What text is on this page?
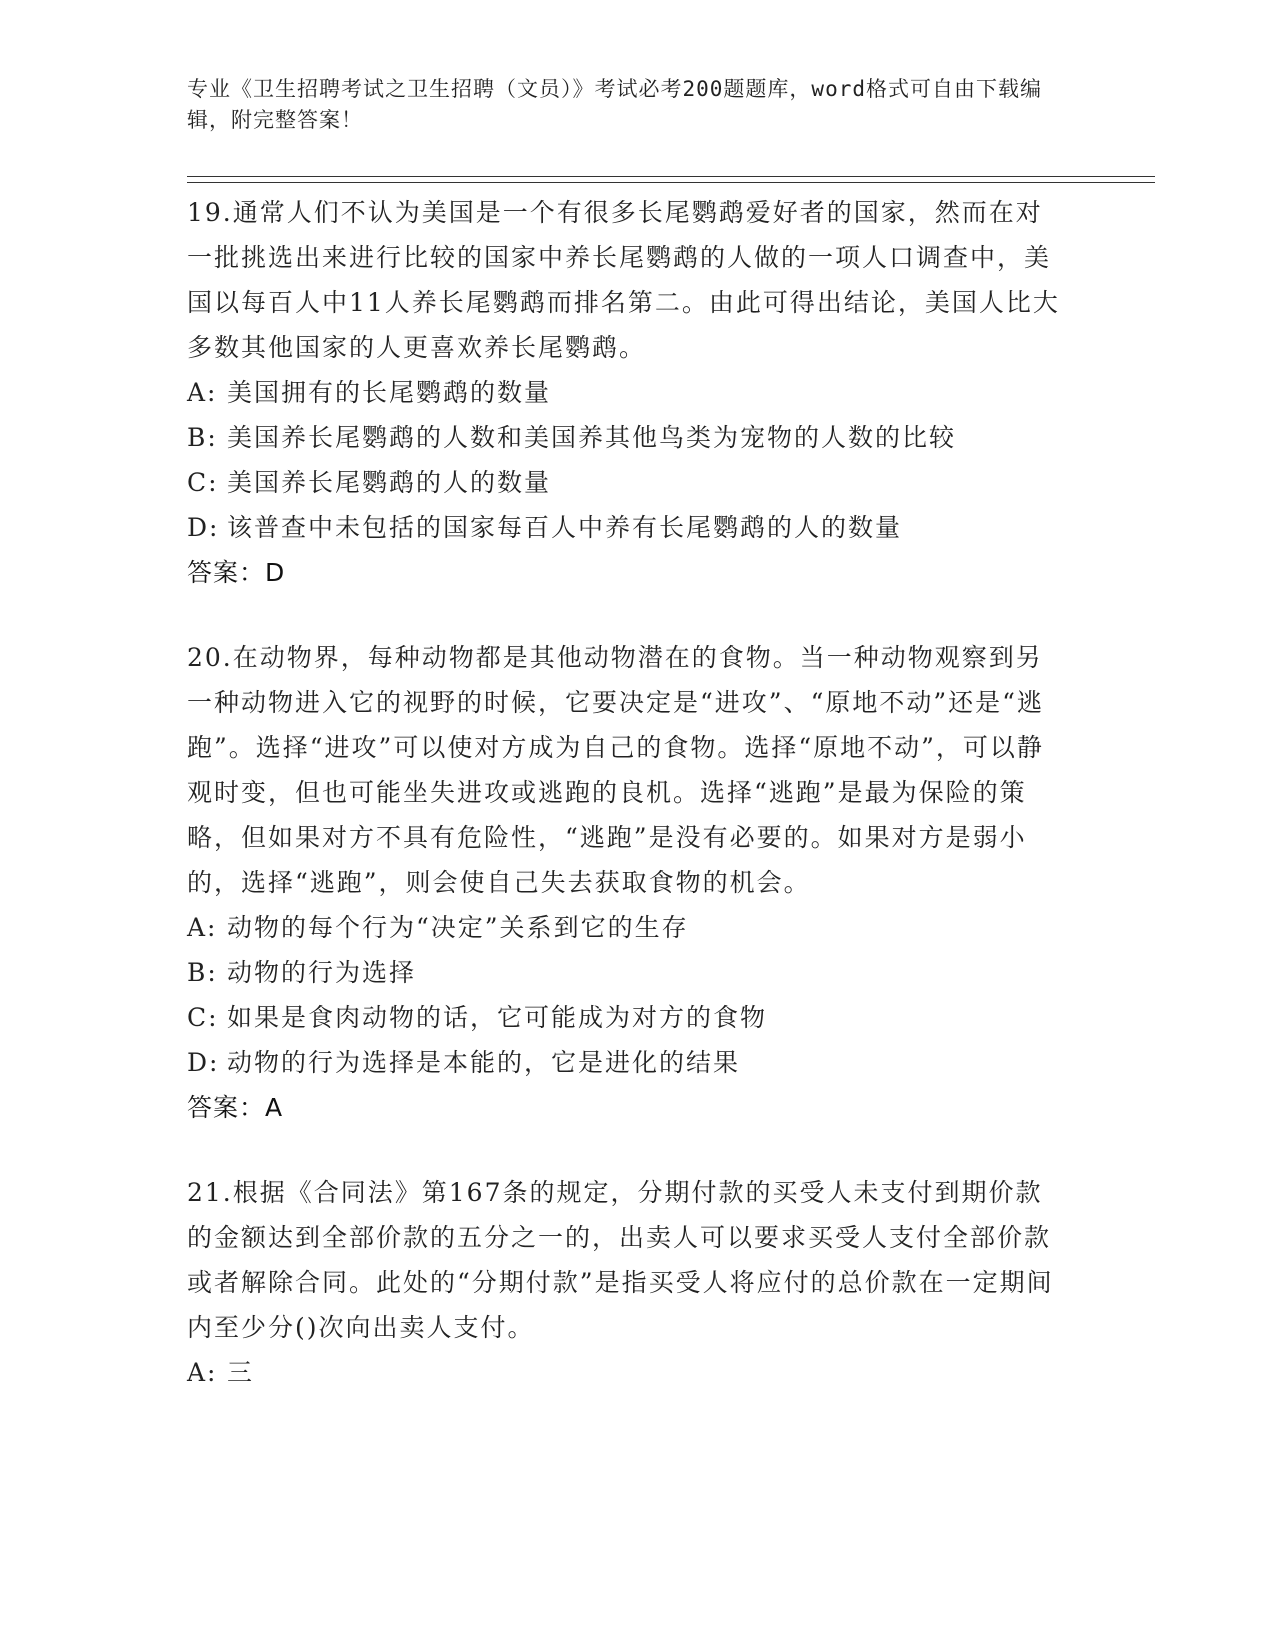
专业《卫生招聘考试之卫生招聘（文员）》考试必考200题题库，word格式可自由下载编辑，附完整答案！

19.通常人们不认为美国是一个有很多长尾鹦鹉爱好者的国家，然而在对一批挑选出来进行比较的国家中养长尾鹦鹉的人做的一项人口调查中，美国以每百人中11人养长尾鹦鹉而排名第二。由此可得出结论，美国人比大多数其他国家的人更喜欢养长尾鹦鹉。

A: 美国拥有的长尾鹦鹉的数量

B: 美国养长尾鹦鹉的人数和美国养其他鸟类为宠物的人数的比较

C: 美国养长尾鹦鹉的人的数量

D: 该普查中未包括的国家每百人中养有长尾鹦鹉的人的数量

答案：D

20.在动物界，每种动物都是其他动物潜在的食物。当一种动物观察到另一种动物进入它的视野的时候，它要决定是“进攻”、“原地不动”还是“逃跑”。选择“进攻”可以使对方成为自己的食物。选择“原地不动”，可以静观时变，但也可能坐失进攻或逃跑的良机。选择“逃跑”是最为保险的策略，但如果对方不具有危险性，“逃跑”是没有必要的。如果对方是弱小的，选择“逃跑”，则会使自己失去获取食物的机会。

A: 动物的每个行为“决定”关系到它的生存

B: 动物的行为选择

C: 如果是食肉动物的话，它可能成为对方的食物

D: 动物的行为选择是本能的，它是进化的结果

答案：A

21.根据《合同法》第167条的规定，分期付款的买受人未支付到期价款的金额达到全部价款的五分之一的，出卖人可以要求买受人支付全部价款或者解除合同。此处的“分期付款”是指买受人将应付的总价款在一定期间内至少分()次向出卖人支付。

A: 三
